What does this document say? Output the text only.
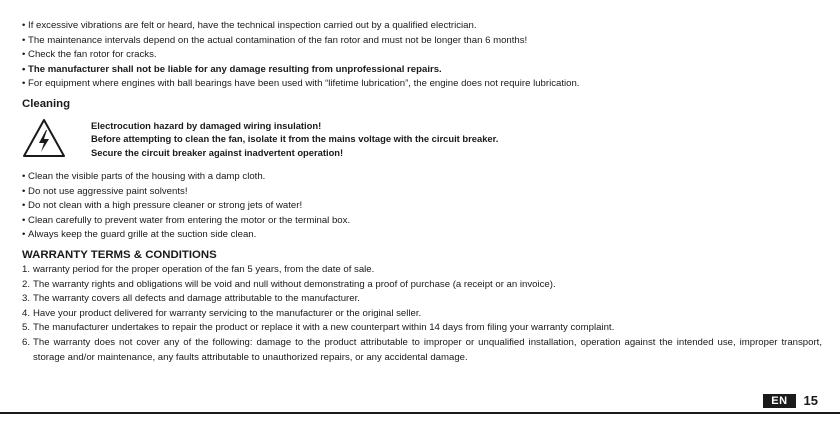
• If excessive vibrations are felt or heard, have the technical inspection carried out by a qualified electrician.
• The maintenance intervals depend on the actual contamination of the fan rotor and must not be longer than 6 months!
• Check the fan rotor for cracks.
• The manufacturer shall not be liable for any damage resulting from unprofessional repairs.
• For equipment where engines with ball bearings have been used with “lifetime lubrication”, the engine does not require lubrication.
Cleaning
Electrocution hazard by damaged wiring insulation!
Before attempting to clean the fan, isolate it from the mains voltage with the circuit breaker.
Secure the circuit breaker against inadvertent operation!
• Clean the visible parts of the housing with a damp cloth.
• Do not use aggressive paint solvents!
• Do not clean with a high pressure cleaner or strong jets of water!
• Clean carefully to prevent water from entering the motor or the terminal box.
• Always keep the guard grille at the suction side clean.
WARRANTY TERMS & CONDITIONS
1. warranty period for the proper operation of the fan 5 years, from the date of sale.
2. The warranty rights and obligations will be void and null without demonstrating a proof of purchase (a receipt or an invoice).
3. The warranty covers all defects and damage attributable to the manufacturer.
4. Have your product delivered for warranty servicing to the manufacturer or the original seller.
5. The manufacturer undertakes to repair the product or replace it with a new counterpart within 14 days from filing your warranty complaint.
6. The warranty does not cover any of the following: damage to the product attributable to improper or unqualified installation, operation against the intended use, improper transport, storage and/or maintenance, any faults attributable to unauthorized repairs, or any accidental damage.
EN	15
